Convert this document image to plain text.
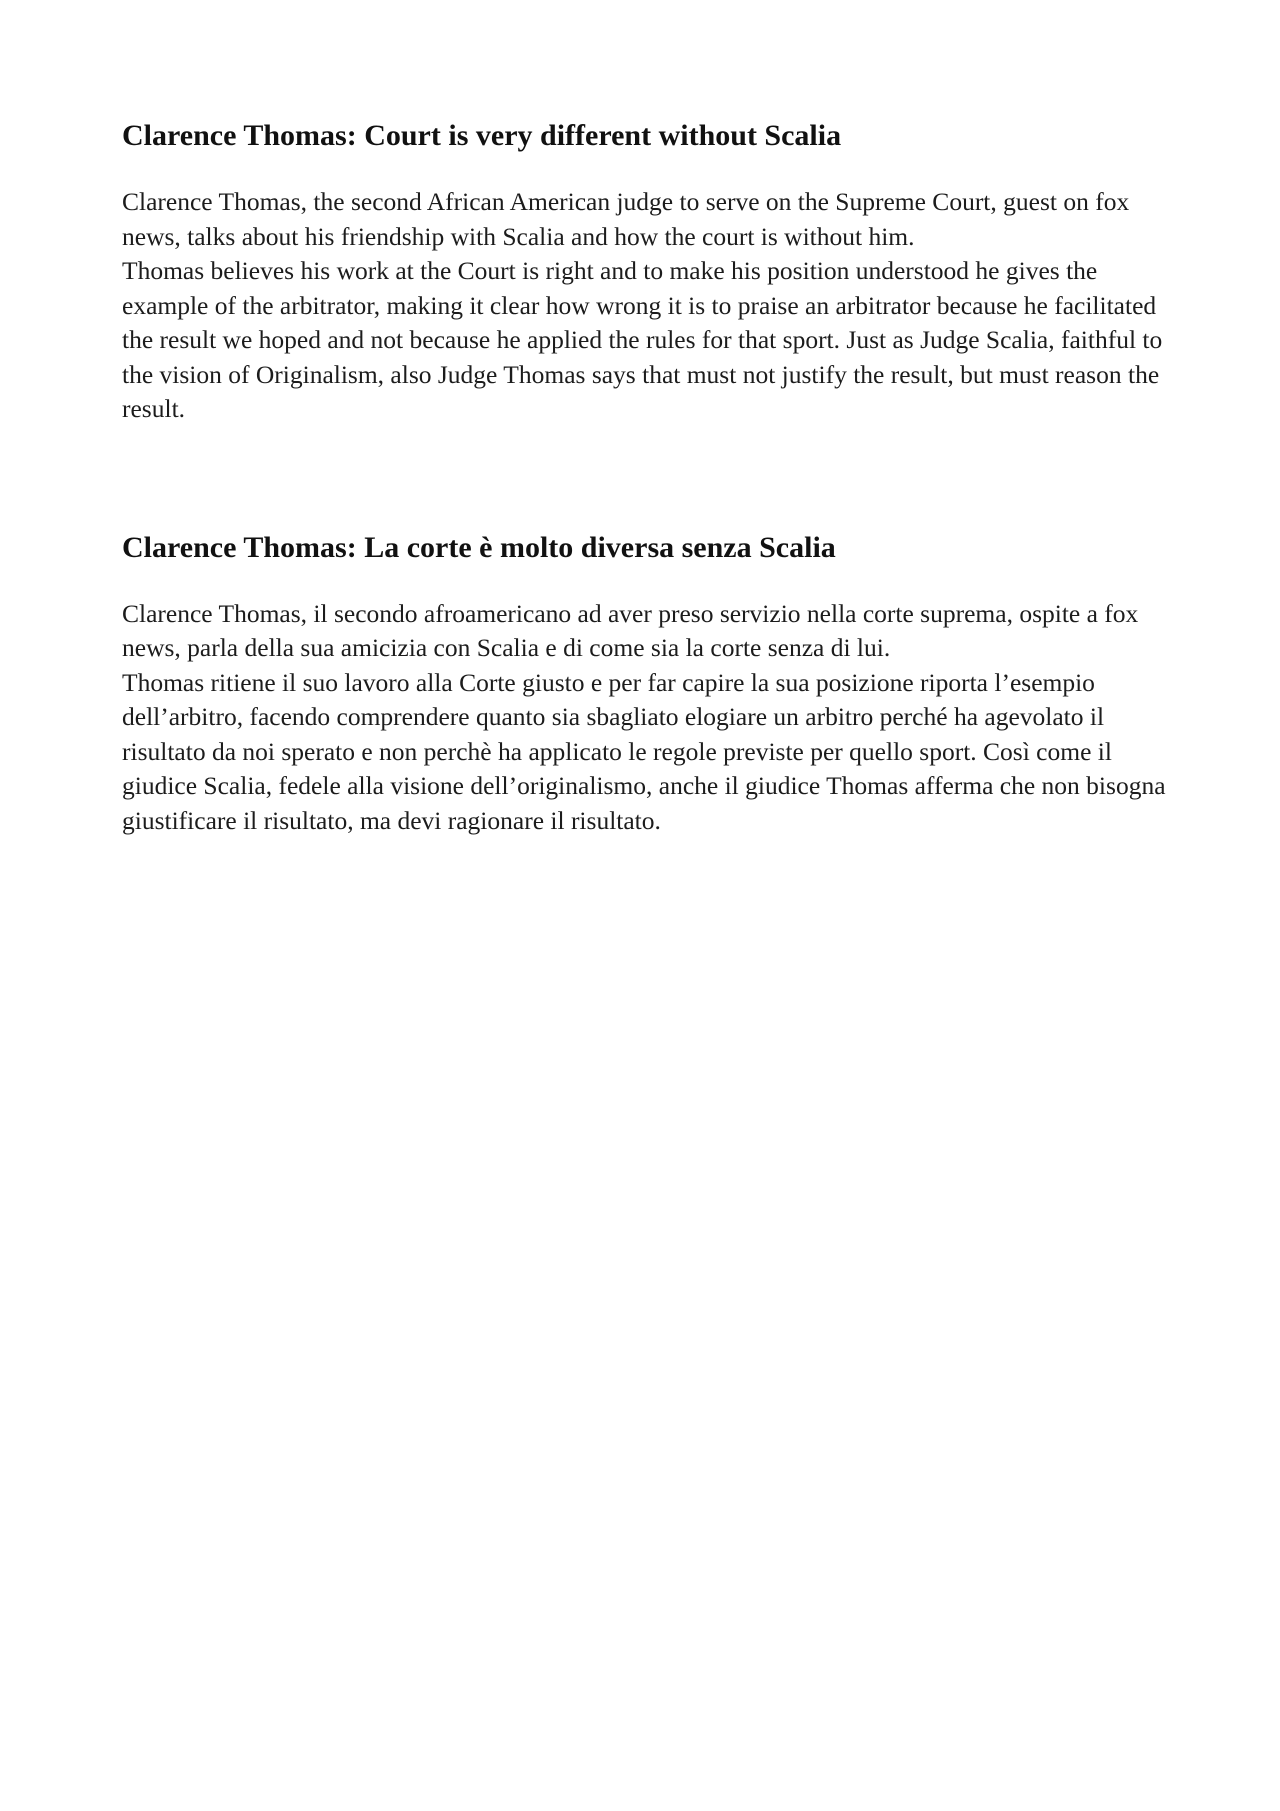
Clarence Thomas: Court is very different without Scalia

Clarence Thomas, the second African American judge to serve on the Supreme Court, guest on fox news, talks about his friendship with Scalia and how the court is without him.

Thomas believes his work at the Court is right and to make his position understood he gives the example of the arbitrator, making it clear how wrong it is to praise an arbitrator because he facilitated the result we hoped and not because he applied the rules for that sport. Just as Judge Scalia, faithful to the vision of Originalism, also Judge Thomas says that must not justify the result, but must reason the result.

Clarence Thomas: La corte è molto diversa senza Scalia

Clarence Thomas, il secondo afroamericano ad aver preso servizio nella corte suprema, ospite a fox news, parla della sua amicizia con Scalia e di come sia la corte senza di lui.

Thomas ritiene il suo lavoro alla Corte giusto e per far capire la sua posizione riporta l’esempio dell’arbitro, facendo comprendere quanto sia sbagliato elogiare un arbitro perché ha agevolato il risultato da noi sperato e non perchè ha applicato le regole previste per quello sport. Così come il giudice Scalia, fedele alla visione dell’originalismo, anche il giudice Thomas afferma che non bisogna giustificare il risultato, ma devi ragionare il risultato.
